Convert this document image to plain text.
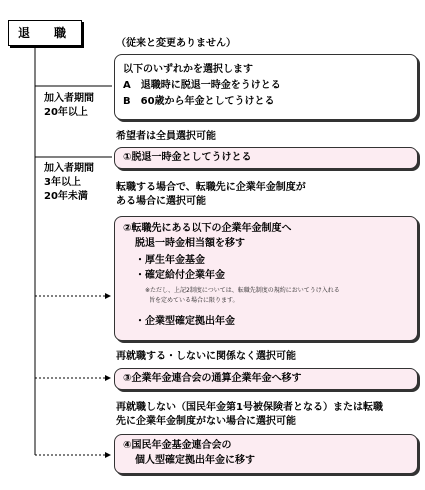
退　職
加入者期間
20年以上
加入者期間
3年以上
20年未満
（従来と変更ありません）
以下のいずれかを選択します
A　退職時に脱退一時金をうけとる
B　60歳から年金としてうけとる
希望者は全員選択可能
①脱退一時金としてうけとる
転職する場合で、転職先に企業年金制度が
ある場合に選択可能
②転職先にある以下の企業年金制度へ
脱退一時金相当額を移す
・厚生年金基金
・確定給付企業年金
※ただし、上記2制度については、転職先制度の規約においてうけ入れる
旨を定めている場合に限ります。
・企業型確定拠出年金
再就職する・しないに関係なく選択可能
③企業年金連合会の通算企業年金へ移す
再就職しない（国民年金第1号被保険者となる）または転職
先に企業年金制度がない場合に選択可能
④国民年金基金連合会の
個人型確定拠出年金に移す
